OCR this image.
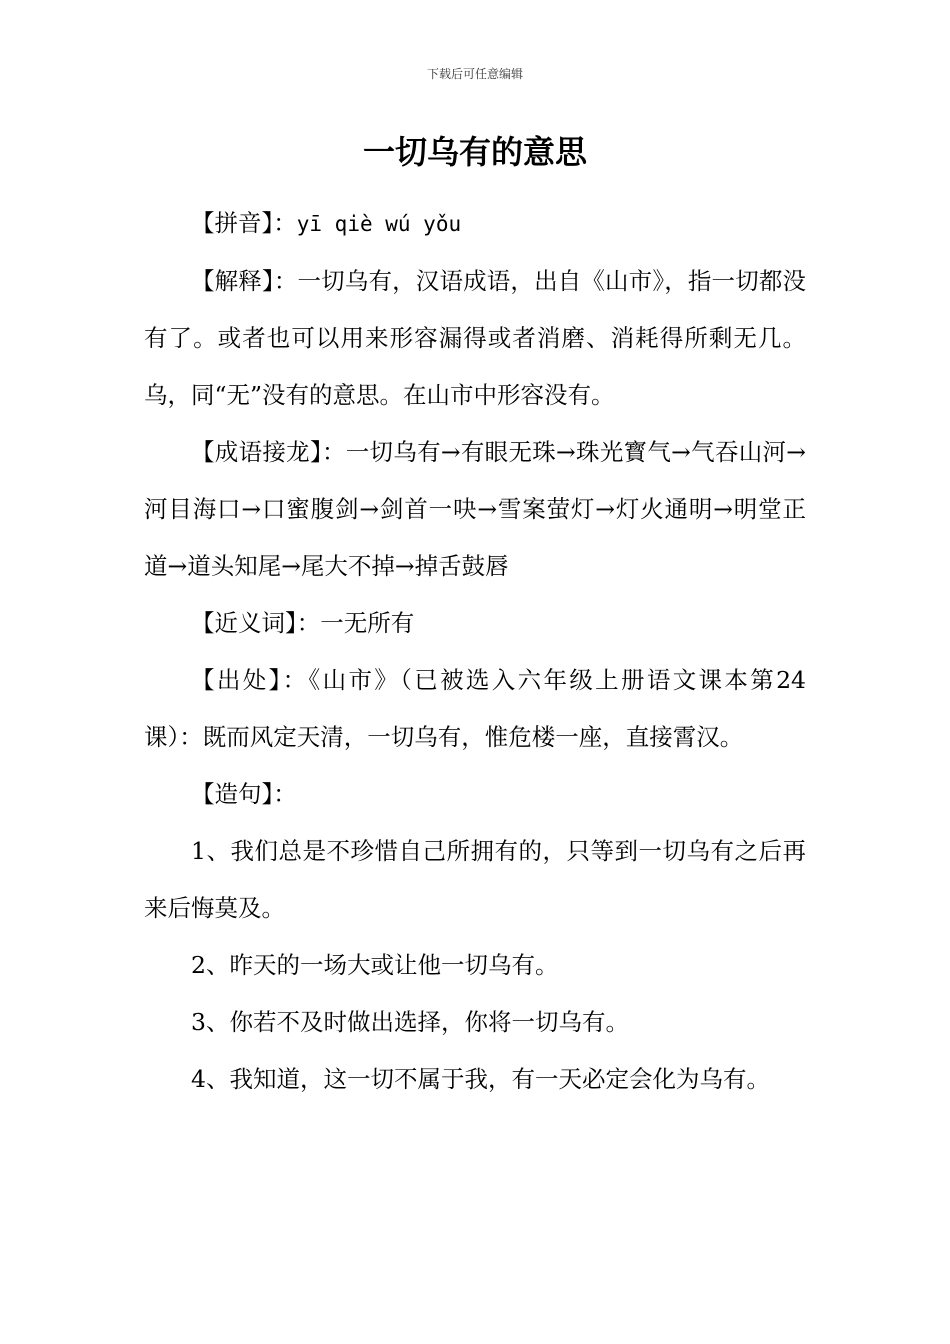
下载后可任意编辑
一切乌有的意思

【拼音】：yī qiè wú yǒu

【解释】：一切乌有，汉语成语，出自《山市》，指一切都没有了。或者也可以用来形容漏得或者消磨、消耗得所剩无几。乌，同“无”没有的意思。在山市中形容没有。

【成语接龙】：一切乌有→有眼无珠→珠光寳气→气吞山河→河目海口→口蜜腹剑→剑首一吷→雪案萤灯→灯火通明→明堂正道→道头知尾→尾大不掉→掉舌鼓唇

【近义词】：一无所有

【出处】：《山市》（已被选入六年级上册语文课本第24课）：既而风定天清，一切乌有，惟危楼一座，直接霄汉。

【造句】：

1、我们总是不珍惜自己所拥有的，只等到一切乌有之后再来后悔莫及。

2、昨天的一场大或让他一切乌有。

3、你若不及时做出选择，你将一切乌有。

4、我知道，这一切不属于我，有一天必定会化为乌有。
